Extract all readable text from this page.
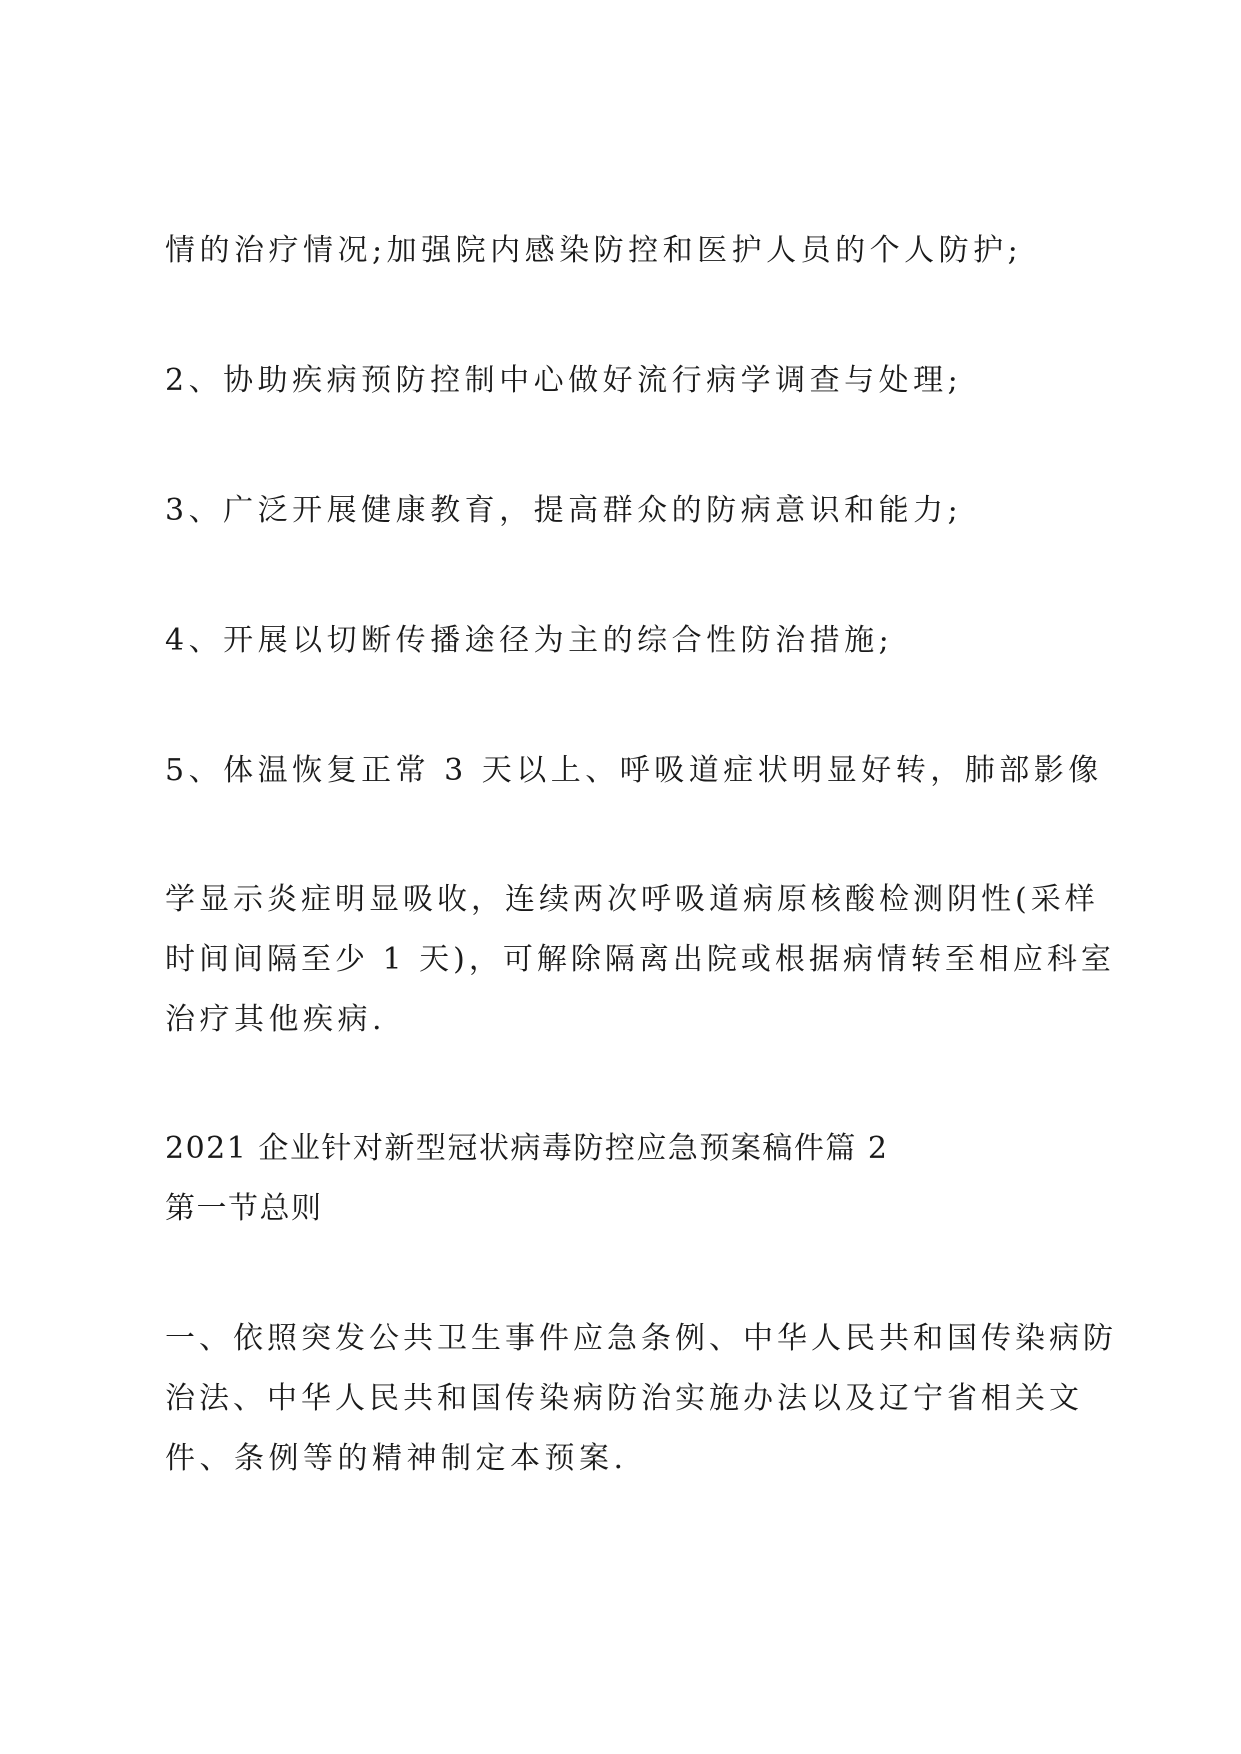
情的治疗情况;加强院内感染防控和医护人员的个人防护;

2、协助疾病预防控制中心做好流行病学调查与处理;

3、广泛开展健康教育，提高群众的防病意识和能力;

4、开展以切断传播途径为主的综合性防治措施;

5、体温恢复正常 3 天以上、呼吸道症状明显好转，肺部影像

学显示炎症明显吸收，连续两次呼吸道病原核酸检测阴性(采样

时间间隔至少 1 天)，可解除隔离出院或根据病情转至相应科室

治疗其他疾病.

2021 企业针对新型冠状病毒防控应急预案稿件篇 2

第一节总则

一、依照突发公共卫生事件应急条例、中华人民共和国传染病防

治法、中华人民共和国传染病防治实施办法以及辽宁省相关文

件、条例等的精神制定本预案.
